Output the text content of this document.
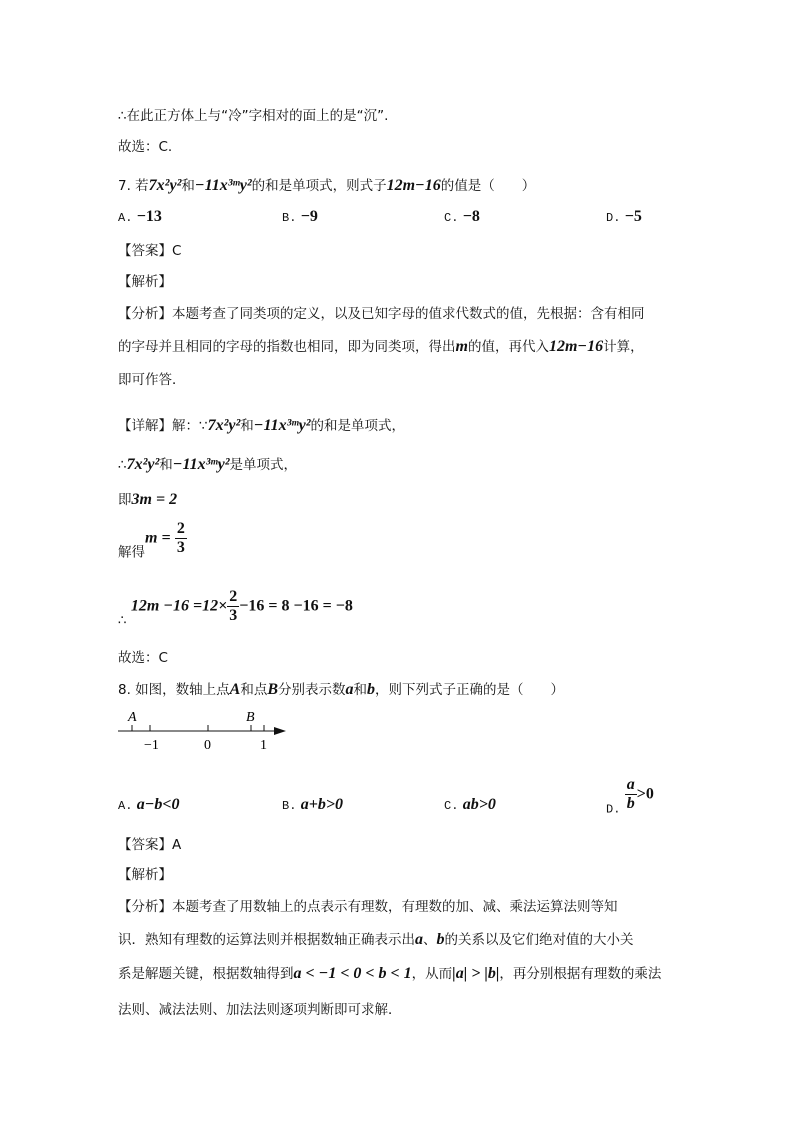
∴在此正方体上与“冷”字相对的面上的是“沉”.
故选：C.
7. 若7x²y²和−11x³ᵐy²的和是单项式，则式子12m−16的值是（　　）
A. −13	B. −9	C. −8	D. −5
【答案】C
【解析】
【分析】本题考查了同类项的定义，以及已知字母的值求代数式的值，先根据：含有相同
的字母并且相同的字母的指数也相同，即为同类项，得出m的值，再代入12m−16计算，
即可作答．
【详解】解：∵7x²y²和−11x³ᵐy²的和是单项式，
∴7x²y²和−11x³ᵐy²是单项式，
即3m = 2
解得$m = \frac{2}{3}$
∴ $12m -16 =12\times \frac{2}{3} -16 = 8 -16 = -8$
故选：C
8. 如图，数轴上点A和点B分别表示数a和b，则下列式子正确的是（　　）
A	B
−1	0	1
A. a−b<0	B. a+b>0	C. ab>0	D. $\frac{a}{b} >0$
【答案】A
【解析】
【分析】本题考查了用数轴上的点表示有理数，有理数的加、减、乘法运算法则等知
识．熟知有理数的运算法则并根据数轴正确表示出a、b的关系以及它们绝对值的大小关
系是解题关键，根据数轴得到a < −1 < 0 < b < 1，从而|a| > |b|，再分别根据有理数的乘法
法则、减法法则、加法法则逐项判断即可求解．
